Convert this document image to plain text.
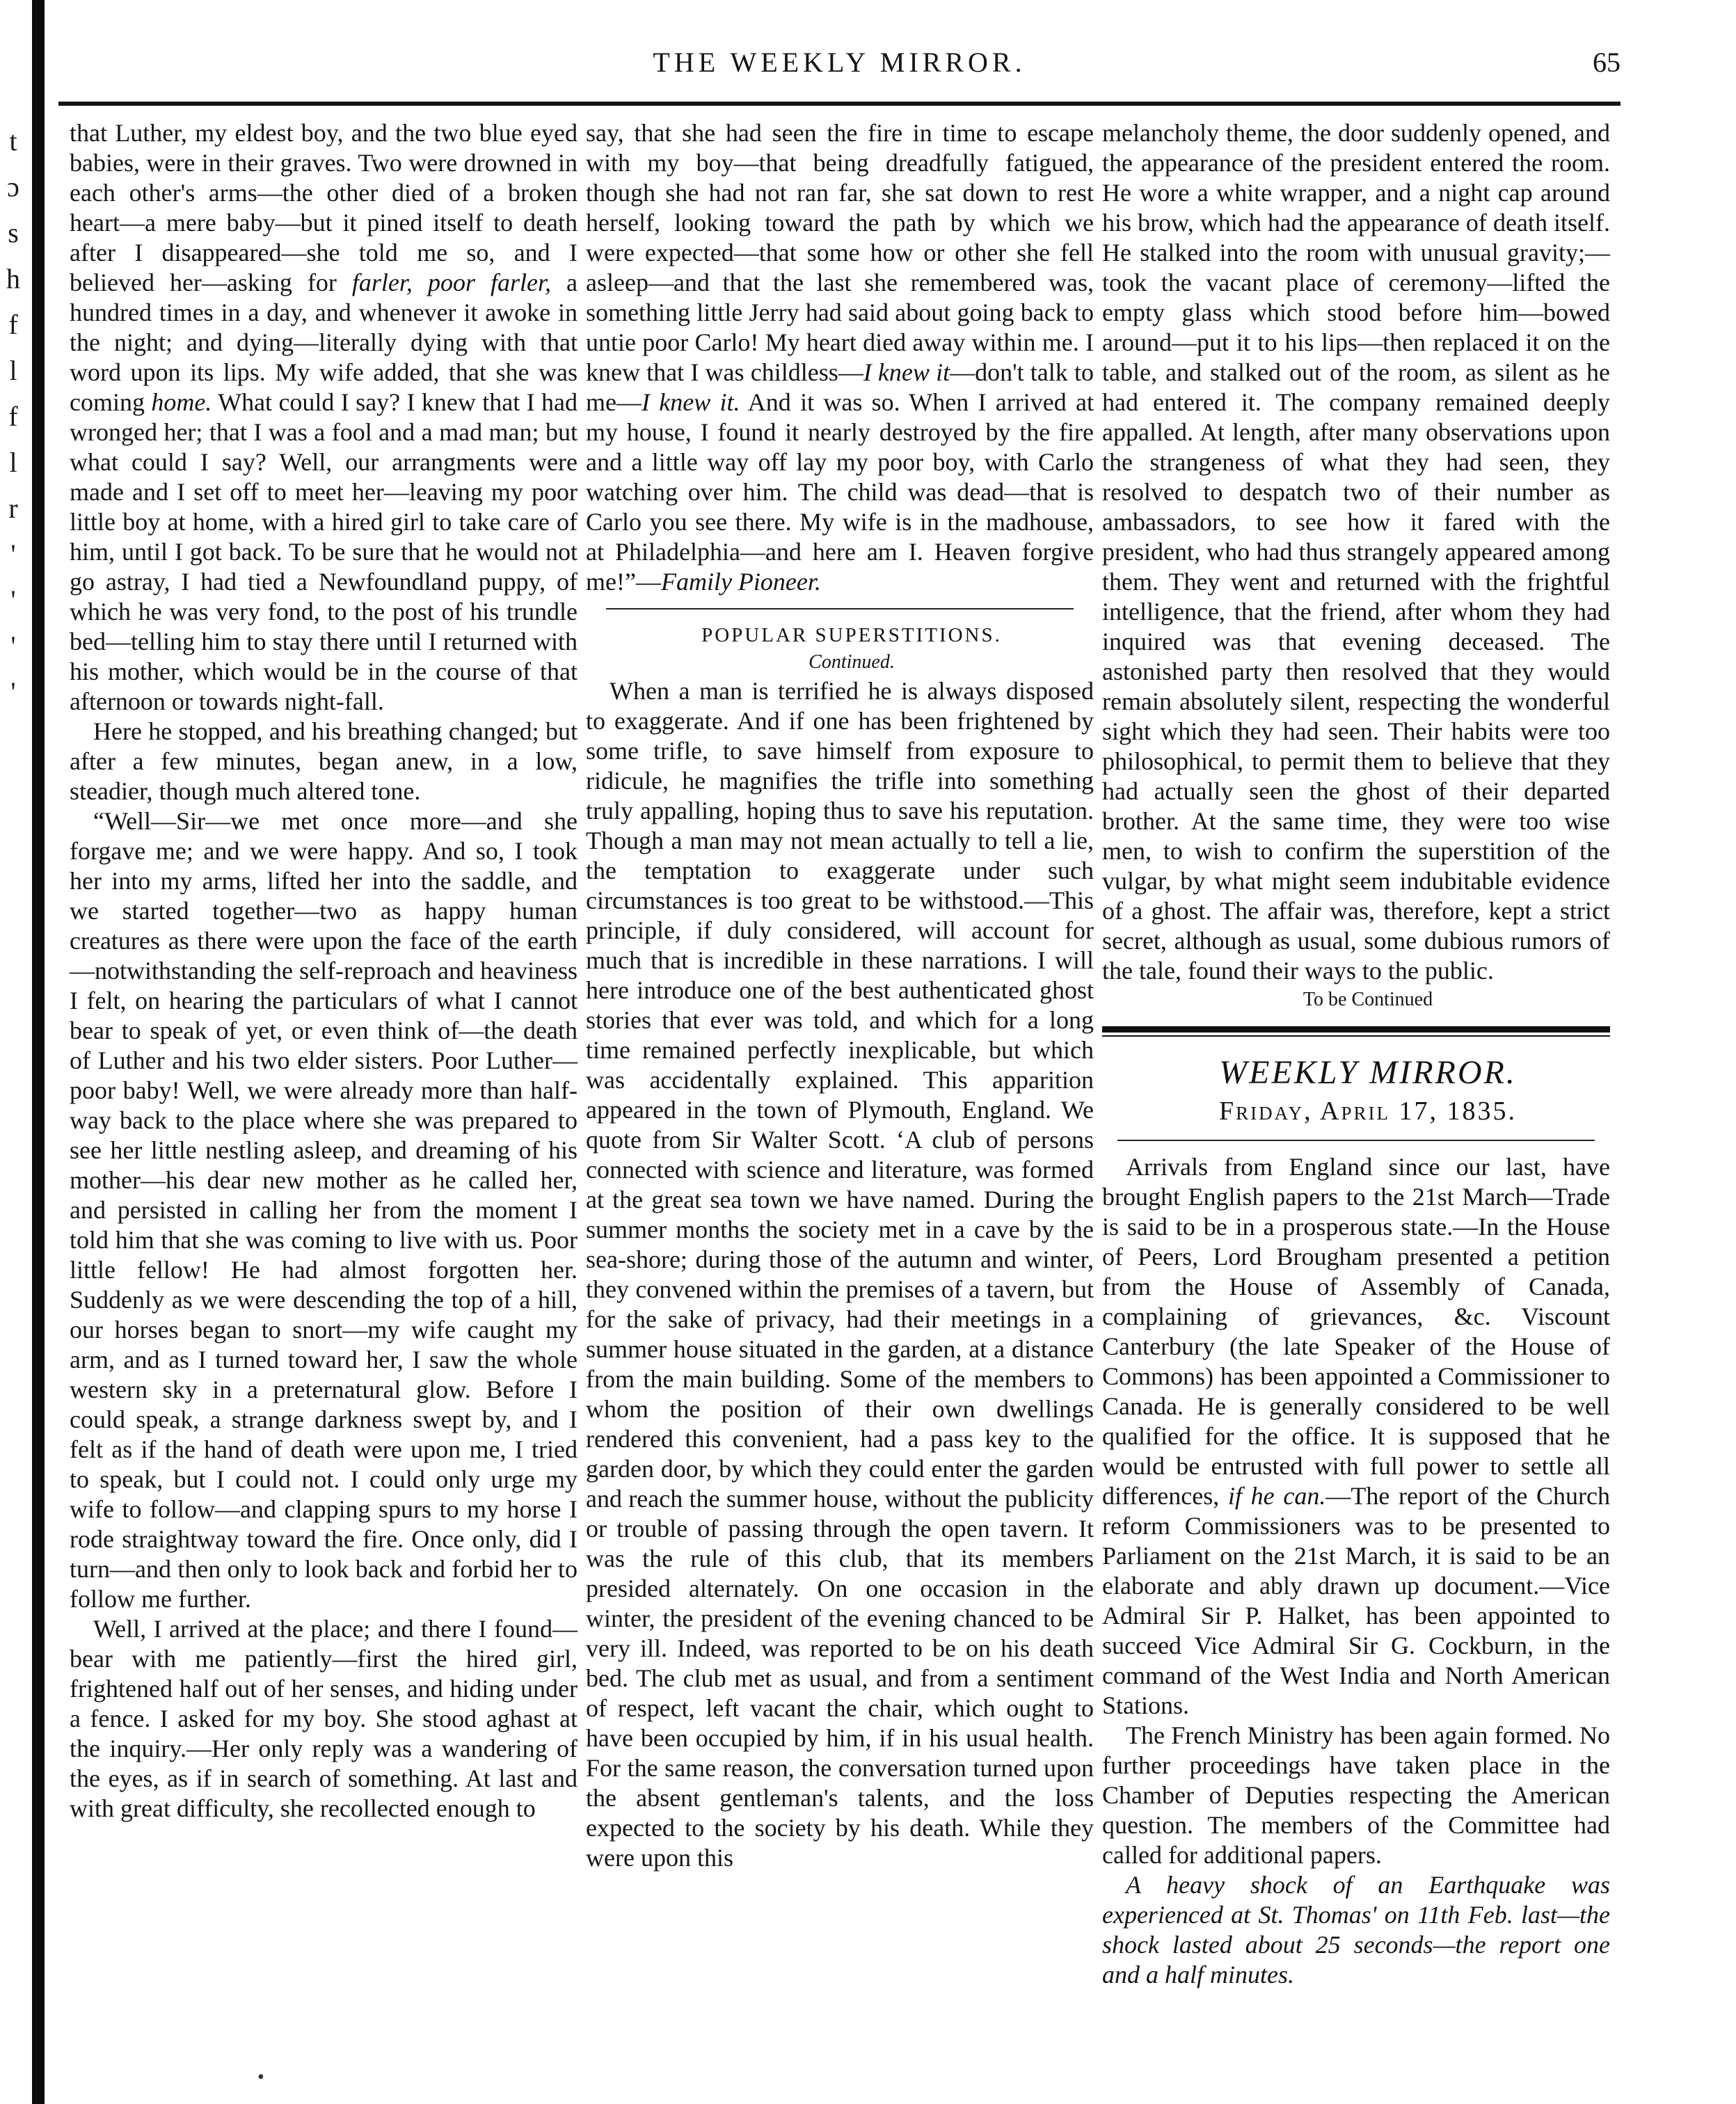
t
ɔ
s
h
f
l
f
l
r
'
'
'
'
THE WEEKLY MIRROR.	65

that Luther, my eldest boy, and the two blue eyed babies, were in their graves. Two were drowned in each other's arms—the other died of a broken heart—a mere baby—but it pined itself to death after I disappeared—she told me so, and I believed her—asking for farler, poor farler, a hundred times in a day, and whenever it awoke in the night; and dying—literally dying with that word upon its lips. My wife added, that she was coming home. What could I say? I knew that I had wronged her; that I was a fool and a mad man; but what could I say? Well, our arrangments were made and I set off to meet her—leaving my poor little boy at home, with a hired girl to take care of him, until I got back. To be sure that he would not go astray, I had tied a Newfoundland puppy, of which he was very fond, to the post of his trundle bed—telling him to stay there until I returned with his mother, which would be in the course of that afternoon or towards night-fall.

Here he stopped, and his breathing changed; but after a few minutes, began anew, in a low, steadier, though much altered tone.

“Well—Sir—we met once more—and she forgave me; and we were happy. And so, I took her into my arms, lifted her into the saddle, and we started together—two as happy human creatures as there were upon the face of the earth—notwithstanding the self-reproach and heaviness I felt, on hearing the particulars of what I cannot bear to speak of yet, or even think of—the death of Luther and his two elder sisters. Poor Luther—poor baby! Well, we were already more than half-way back to the place where she was prepared to see her little nestling asleep, and dreaming of his mother—his dear new mother as he called her, and persisted in calling her from the moment I told him that she was coming to live with us. Poor little fellow! He had almost forgotten her. Suddenly as we were descending the top of a hill, our horses began to snort—my wife caught my arm, and as I turned toward her, I saw the whole western sky in a preternatural glow. Before I could speak, a strange darkness swept by, and I felt as if the hand of death were upon me, I tried to speak, but I could not. I could only urge my wife to follow—and clapping spurs to my horse I rode straightway toward the fire. Once only, did I turn—and then only to look back and forbid her to follow me further.

Well, I arrived at the place; and there I found—bear with me patiently—first the hired girl, frightened half out of her senses, and hiding under a fence. I asked for my boy. She stood aghast at the inquiry.—Her only reply was a wandering of the eyes, as if in search of something. At last and with great difficulty, she recollected enough to

say, that she had seen the fire in time to escape with my boy—that being dreadfully fatigued, though she had not ran far, she sat down to rest herself, looking toward the path by which we were expected—that some how or other she fell asleep—and that the last she remembered was, something little Jerry had said about going back to untie poor Carlo! My heart died away within me. I knew that I was childless—I knew it—don't talk to me—I knew it. And it was so. When I arrived at my house, I found it nearly destroyed by the fire and a little way off lay my poor boy, with Carlo watching over him. The child was dead—that is Carlo you see there. My wife is in the madhouse, at Philadelphia—and here am I. Heaven forgive me!”—Family Pioneer.

POPULAR SUPERSTITIONS.

Continued.

When a man is terrified he is always disposed to exaggerate. And if one has been frightened by some trifle, to save himself from exposure to ridicule, he magnifies the trifle into something truly appalling, hoping thus to save his reputation. Though a man may not mean actually to tell a lie, the temptation to exaggerate under such circumstances is too great to be withstood.—This principle, if duly considered, will account for much that is incredible in these narrations. I will here introduce one of the best authenticated ghost stories that ever was told, and which for a long time remained perfectly inexplicable, but which was accidentally explained. This apparition appeared in the town of Plymouth, England. We quote from Sir Walter Scott. ‘A club of persons connected with science and literature, was formed at the great sea town we have named. During the summer months the society met in a cave by the sea-shore; during those of the autumn and winter, they convened within the premises of a tavern, but for the sake of privacy, had their meetings in a summer house situated in the garden, at a distance from the main building. Some of the members to whom the position of their own dwellings rendered this convenient, had a pass key to the garden door, by which they could enter the garden and reach the summer house, without the publicity or trouble of passing through the open tavern. It was the rule of this club, that its members presided alternately. On one occasion in the winter, the president of the evening chanced to be very ill. Indeed, was reported to be on his death bed. The club met as usual, and from a sentiment of respect, left vacant the chair, which ought to have been occupied by him, if in his usual health. For the same reason, the conversation turned upon the absent gentleman's talents, and the loss expected to the society by his death. While they were upon this

melancholy theme, the door suddenly opened, and the appearance of the president entered the room. He wore a white wrapper, and a night cap around his brow, which had the appearance of death itself. He stalked into the room with unusual gravity;—took the vacant place of ceremony—lifted the empty glass which stood before him—bowed around—put it to his lips—then replaced it on the table, and stalked out of the room, as silent as he had entered it. The company remained deeply appalled. At length, after many observations upon the strangeness of what they had seen, they resolved to despatch two of their number as ambassadors, to see how it fared with the president, who had thus strangely appeared among them. They went and returned with the frightful intelligence, that the friend, after whom they had inquired was that evening deceased. The astonished party then resolved that they would remain absolutely silent, respecting the wonderful sight which they had seen. Their habits were too philosophical, to permit them to believe that they had actually seen the ghost of their departed brother. At the same time, they were too wise men, to wish to confirm the superstition of the vulgar, by what might seem indubitable evidence of a ghost. The affair was, therefore, kept a strict secret, although as usual, some dubious rumors of the tale, found their ways to the public.

To be Continued

WEEKLY MIRROR.

Friday, April 17, 1835.

Arrivals from England since our last, have brought English papers to the 21st March—Trade is said to be in a prosperous state.—In the House of Peers, Lord Brougham presented a petition from the House of Assembly of Canada, complaining of grievances, &c. Viscount Canterbury (the late Speaker of the House of Commons) has been appointed a Commissioner to Canada. He is generally considered to be well qualified for the office. It is supposed that he would be entrusted with full power to settle all differences, if he can.—The report of the Church reform Commissioners was to be presented to Parliament on the 21st March, it is said to be an elaborate and ably drawn up document.—Vice Admiral Sir P. Halket, has been appointed to succeed Vice Admiral Sir G. Cockburn, in the command of the West India and North American Stations.

The French Ministry has been again formed. No further proceedings have taken place in the Chamber of Deputies respecting the American question. The members of the Committee had called for additional papers.

A heavy shock of an Earthquake was experienced at St. Thomas' on 11th Feb. last—the shock lasted about 25 seconds—the report one and a half minutes.

•
